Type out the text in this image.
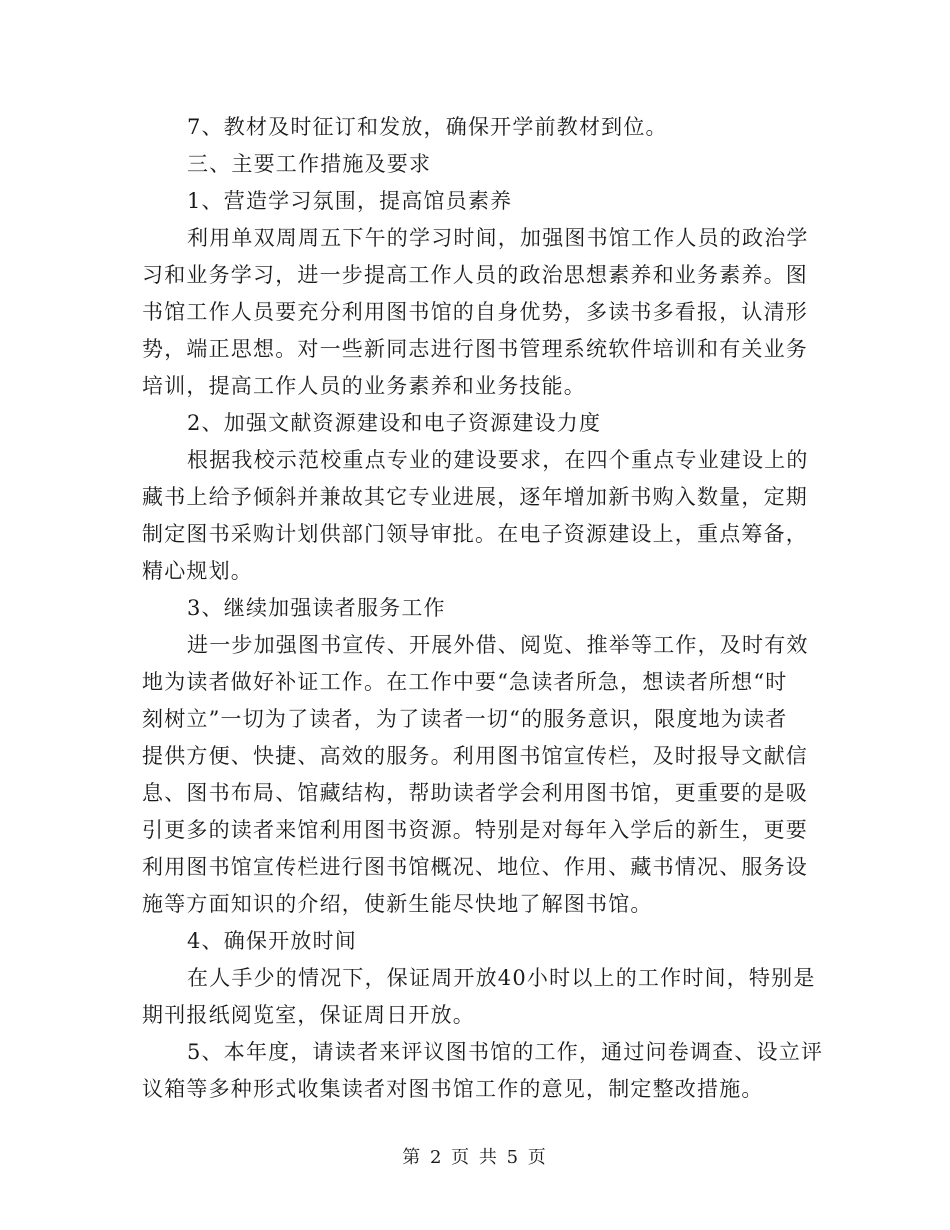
7、教材及时征订和发放，确保开学前教材到位。
三、主要工作措施及要求
1、营造学习氛围，提高馆员素养
利用单双周周五下午的学习时间，加强图书馆工作人员的政治学
习和业务学习，进一步提高工作人员的政治思想素养和业务素养。图
书馆工作人员要充分利用图书馆的自身优势，多读书多看报，认清形
势，端正思想。对一些新同志进行图书管理系统软件培训和有关业务
培训，提高工作人员的业务素养和业务技能。
2、加强文献资源建设和电子资源建设力度
根据我校示范校重点专业的建设要求，在四个重点专业建设上的
藏书上给予倾斜并兼故其它专业进展，逐年增加新书购入数量，定期
制定图书采购计划供部门领导审批。在电子资源建设上，重点筹备，
精心规划。
3、继续加强读者服务工作
进一步加强图书宣传、开展外借、阅览、推举等工作，及时有效
地为读者做好补证工作。在工作中要“急读者所急，想读者所想“时
刻树立”一切为了读者，为了读者一切“的服务意识，限度地为读者
提供方便、快捷、高效的服务。利用图书馆宣传栏，及时报导文献信
息、图书布局、馆藏结构，帮助读者学会利用图书馆，更重要的是吸
引更多的读者来馆利用图书资源。特别是对每年入学后的新生，更要
利用图书馆宣传栏进行图书馆概况、地位、作用、藏书情况、服务设
施等方面知识的介绍，使新生能尽快地了解图书馆。
4、确保开放时间
在人手少的情况下，保证周开放40小时以上的工作时间，特别是
期刊报纸阅览室，保证周日开放。
5、本年度，请读者来评议图书馆的工作，通过问卷调查、设立评
议箱等多种形式收集读者对图书馆工作的意见，制定整改措施。
第 2 页 共 5 页
